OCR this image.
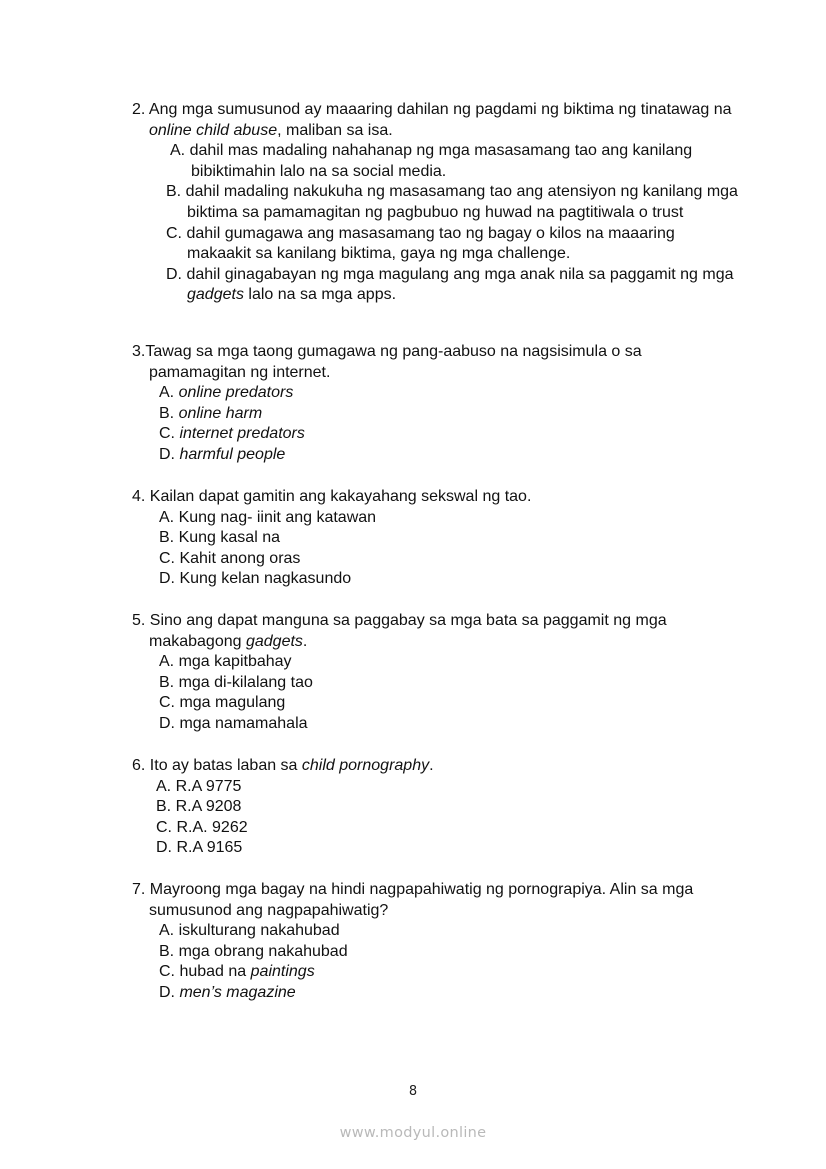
2. Ang mga sumusunod ay maaaring dahilan ng pagdami ng biktima ng tinatawag na online child abuse, maliban sa isa.

A. dahil mas madaling nahahanap ng mga masasamang tao ang kanilang bibiktimahin lalo na sa social media.
B. dahil madaling nakukuha ng masasamang tao ang atensiyon ng kanilang mga biktima sa pamamagitan ng pagbubuo ng huwad na pagtitiwala o trust
C. dahil gumagawa ang masasamang tao ng bagay o kilos na maaaring makaakit sa kanilang biktima, gaya ng mga challenge.
D. dahil ginagabayan ng mga magulang ang mga anak nila sa paggamit ng mga gadgets lalo na sa mga apps.

3.Tawag sa mga taong gumagawa ng pang-aabuso na nagsisimula o sa pamamagitan ng internet.

A. online predators
B. online harm
C. internet predators
D. harmful people

4. Kailan dapat gamitin ang kakayahang sekswal ng tao.

A. Kung nag- iinit ang katawan
B. Kung kasal na
C. Kahit anong oras
D. Kung kelan nagkasundo

5. Sino ang dapat manguna sa paggabay sa mga bata sa paggamit ng mga makabagong gadgets.

A. mga kapitbahay
B. mga di-kilalang tao
C. mga magulang
D. mga namamahala

6. Ito ay batas laban sa child pornography.

A. R.A 9775
B. R.A 9208
C. R.A. 9262
D. R.A 9165

7. Mayroong mga bagay na hindi nagpapahiwatig ng pornograpiya. Alin sa mga sumusunod ang nagpapahiwatig?

A. iskulturang nakahubad
B. mga obrang nakahubad
C. hubad na paintings
D. men’s magazine
8
www.modyul.online
